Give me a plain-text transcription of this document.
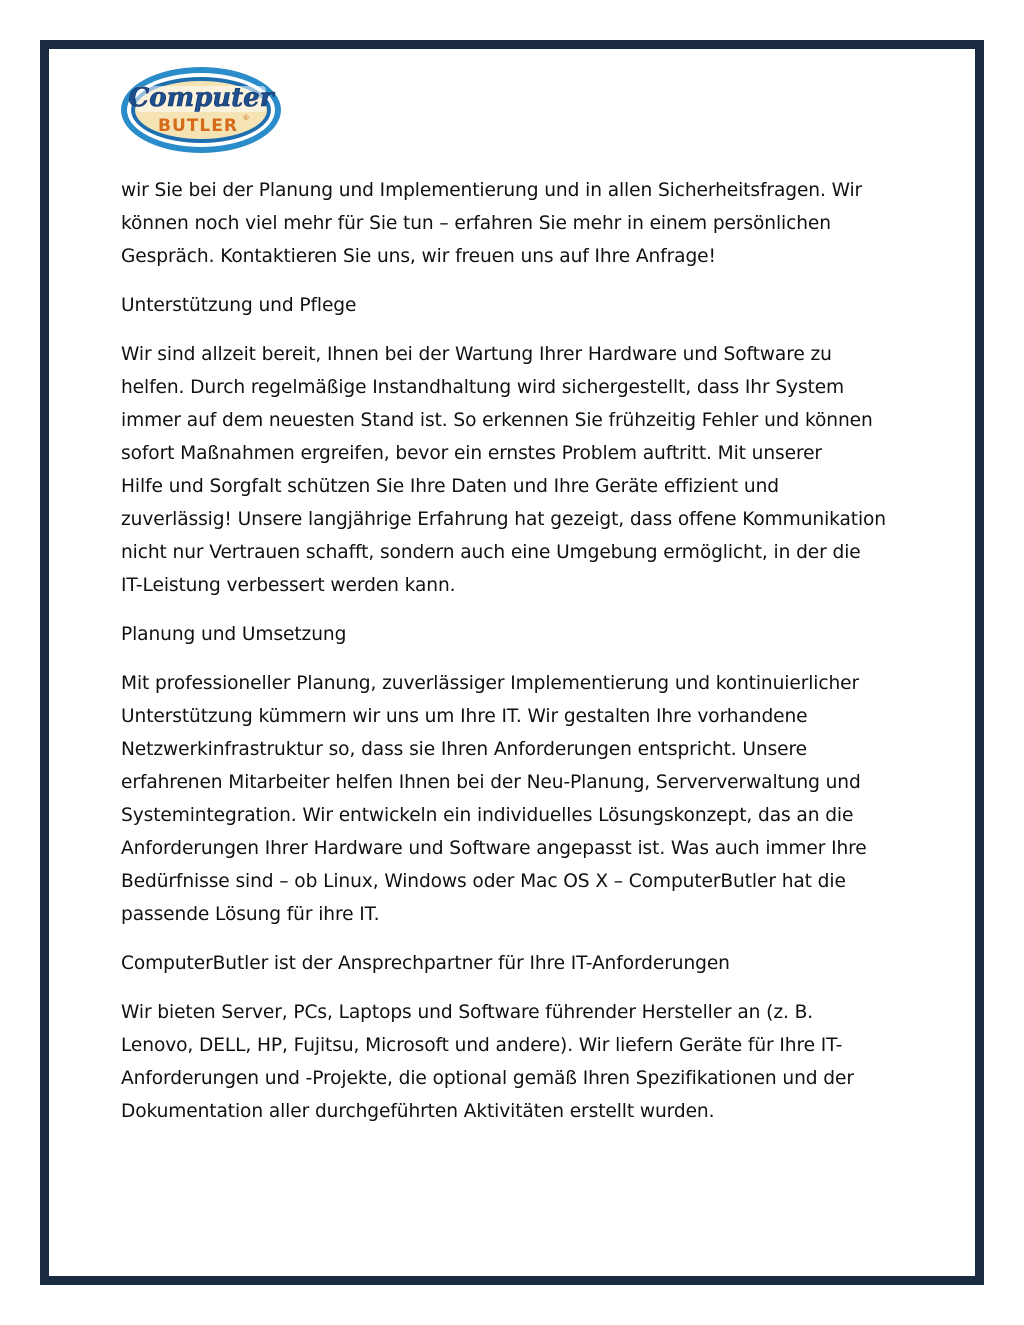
Computer
BUTLER ®

wir Sie bei der Planung und Implementierung und in allen Sicherheitsfragen. Wir
können noch viel mehr für Sie tun – erfahren Sie mehr in einem persönlichen
Gespräch. Kontaktieren Sie uns, wir freuen uns auf Ihre Anfrage!

Unterstützung und Pflege

Wir sind allzeit bereit, Ihnen bei der Wartung Ihrer Hardware und Software zu
helfen. Durch regelmäßige Instandhaltung wird sichergestellt, dass Ihr System
immer auf dem neuesten Stand ist. So erkennen Sie frühzeitig Fehler und können
sofort Maßnahmen ergreifen, bevor ein ernstes Problem auftritt. Mit unserer
Hilfe und Sorgfalt schützen Sie Ihre Daten und Ihre Geräte effizient und
zuverlässig! Unsere langjährige Erfahrung hat gezeigt, dass offene Kommunikation
nicht nur Vertrauen schafft, sondern auch eine Umgebung ermöglicht, in der die
IT-Leistung verbessert werden kann.

Planung und Umsetzung

Mit professioneller Planung, zuverlässiger Implementierung und kontinuierlicher
Unterstützung kümmern wir uns um Ihre IT. Wir gestalten Ihre vorhandene
Netzwerkinfrastruktur so, dass sie Ihren Anforderungen entspricht. Unsere
erfahrenen Mitarbeiter helfen Ihnen bei der Neu-Planung, Serververwaltung und
Systemintegration. Wir entwickeln ein individuelles Lösungskonzept, das an die
Anforderungen Ihrer Hardware und Software angepasst ist. Was auch immer Ihre
Bedürfnisse sind – ob Linux, Windows oder Mac OS X – ComputerButler hat die
passende Lösung für ihre IT.

ComputerButler ist der Ansprechpartner für Ihre IT-Anforderungen

Wir bieten Server, PCs, Laptops und Software führender Hersteller an (z. B.
Lenovo, DELL, HP, Fujitsu, Microsoft und andere). Wir liefern Geräte für Ihre IT-
Anforderungen und -Projekte, die optional gemäß Ihren Spezifikationen und der
Dokumentation aller durchgeführten Aktivitäten erstellt wurden.
